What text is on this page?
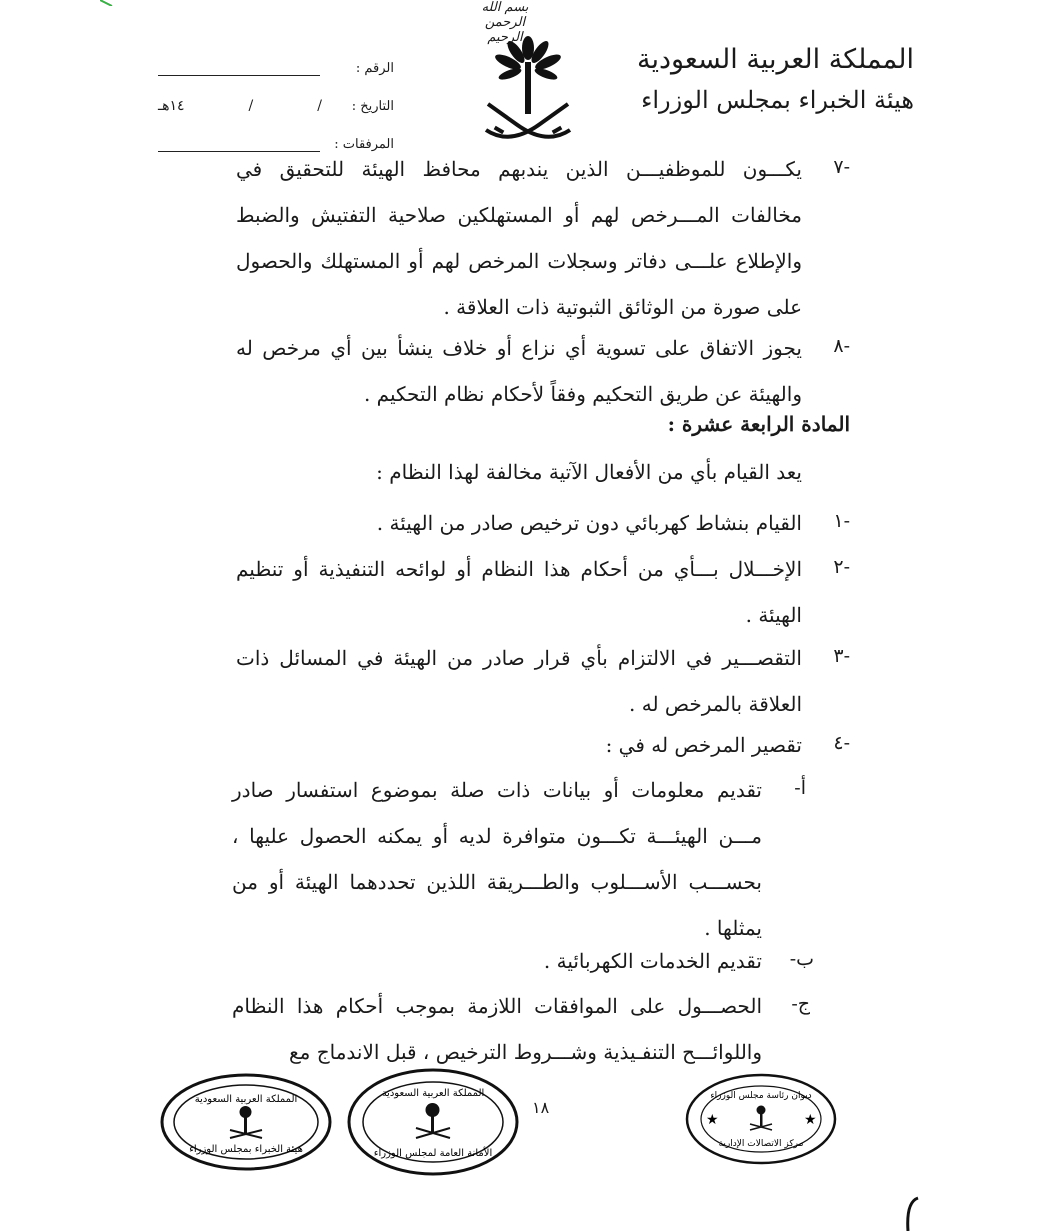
بسم الله الرحمن الرحيم
المملكة العربية السعودية
هيئة الخبراء بمجلس الوزراء
الرقم :
التاريخ :
/
/
١٤هـ
المرفقات :
-٧
يكـــون للموظفيـــن الذين يندبهم محافظ الهيئة للتحقيق في مخالفات المـــرخص لهم أو المستهلكين صلاحية التفتيش والضبط والإطلاع علـــى دفاتر وسجلات المرخص لهم أو المستهلك والحصول على صورة من الوثائق الثبوتية ذات العلاقة .
-٨
يجوز الاتفاق على تسوية أي نزاع أو خلاف ينشأ بين أي مرخص له والهيئة عن طريق التحكيم وفقاً لأحكام نظام التحكيم .
المادة الرابعة عشرة :
يعد القيام بأي من الأفعال الآتية مخالفة لهذا النظام :
-١
القيام بنشاط كهربائي دون ترخيص صادر من الهيئة .
-٢
الإخـــلال بـــأي من أحكام هذا النظام أو لوائحه التنفيذية أو تنظيم الهيئة .
-٣
التقصـــير في الالتزام بأي قرار صادر من الهيئة في المسائل ذات العلاقة بالمرخص له .
-٤
تقصير المرخص له في :
أ-
تقديم معلومات أو بيانات ذات صلة بموضوع استفسار صادر مـــن الهيئـــة تكـــون متوافرة لديه أو يمكنه الحصول عليها ، بحســـب الأســـلوب والطـــريقة اللذين تحددهما الهيئة أو من يمثلها .
ب-
تقديم الخدمات الكهربائية .
ج-
الحصـــول على الموافقات اللازمة بموجب أحكام هذا النظام واللوائـــح التنفـيذية وشـــروط الترخيص ، قبل الاندماج مع
١٨
المملكة العربية السعودية
هيئة الخبراء بمجلس الوزراء
المملكة العربية السعودية
الأمانة العامة لمجلس الوزراء
ديوان رئاسة مجلس الوزراء
مركز الاتصالات الإدارية
★	★
